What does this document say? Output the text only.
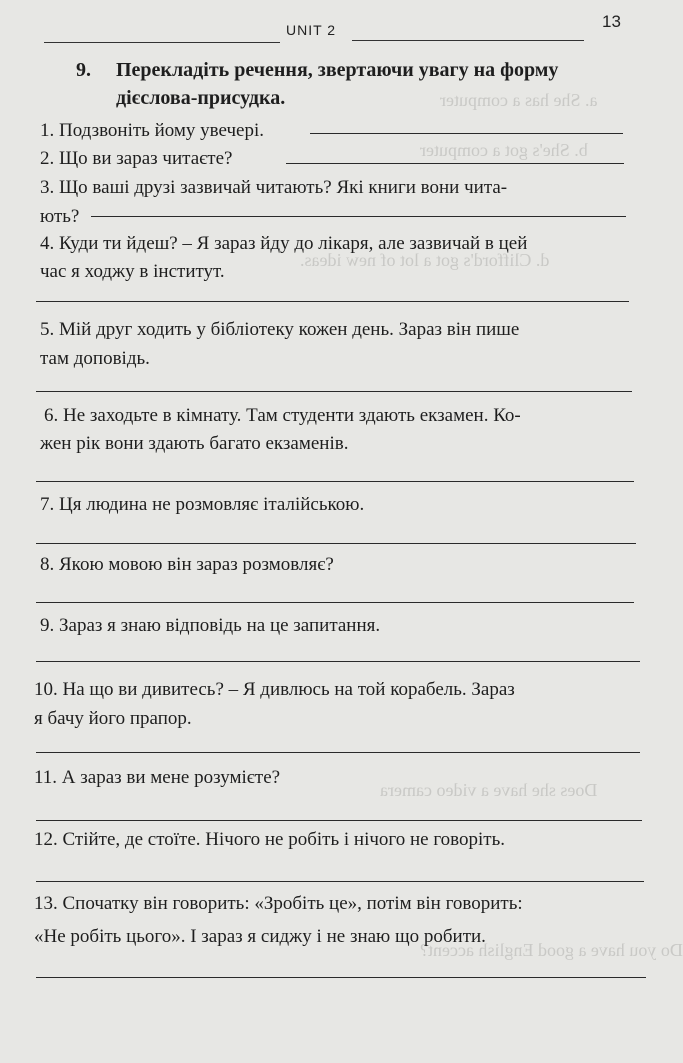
UNIT 2	13
a. She has a computer
b. She's got a computer
d. Clifford's got a lot of new ideas.
Does she have a video camera
Do you have a good English accent?
9. Перекладіть речення, звертаючи увагу на форму
дієслова-присудка.
1. Подзвоніть йому увечері.
2. Що ви зараз читаєте?
3. Що ваші друзі зазвичай читають? Які книги вони чита-
ють?
4. Куди ти йдеш? – Я зараз йду до лікаря, але зазвичай в цей
час я ходжу в інститут.
5. Мій друг ходить у бібліотеку кожен день. Зараз він пише
там доповідь.
6. Не заходьте в кімнату. Там студенти здають екзамен. Ко-
жен рік вони здають багато екзаменів.
7. Ця людина не розмовляє італійською.
8. Якою мовою він зараз розмовляє?
9. Зараз я знаю відповідь на це запитання.
10. На що ви дивитесь? – Я дивлюсь на той корабель. Зараз
я бачу його прапор.
11. А зараз ви мене розумієте?
12. Стійте, де стоїте. Нічого не робіть і нічого не говоріть.
13. Спочатку він говорить: «Зробіть це», потім він говорить:
«Не робіть цього». І зараз я сиджу і не знаю що робити.
